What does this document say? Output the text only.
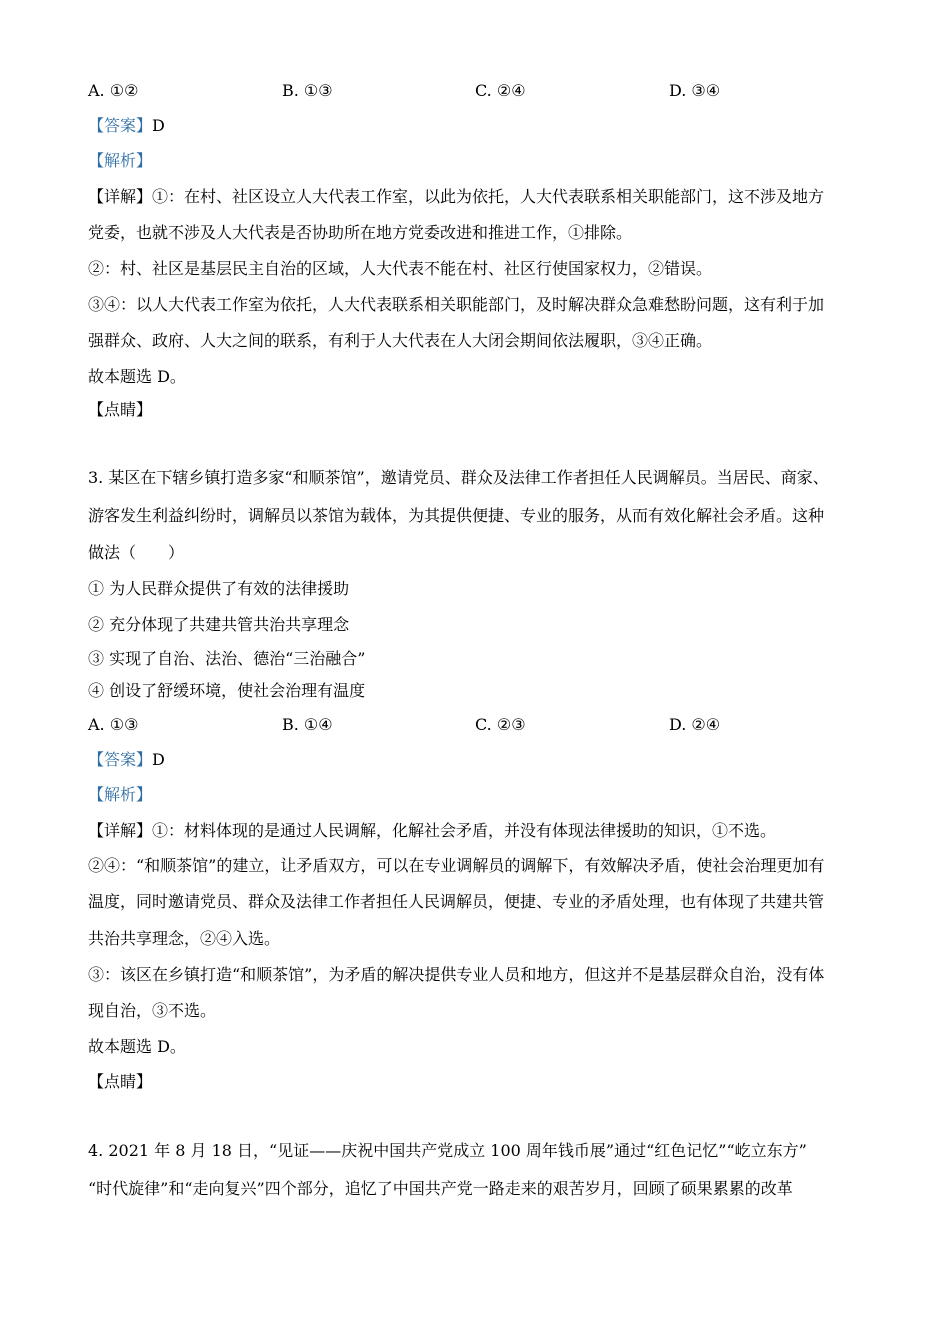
A. ①②	B. ①③	C. ②④	D. ③④
【答案】D
【解析】
【详解】①：在村、社区设立人大代表工作室，以此为依托，人大代表联系相关职能部门，这不涉及地方
党委，也就不涉及人大代表是否协助所在地方党委改进和推进工作，①排除。
②：村、社区是基层民主自治的区域，人大代表不能在村、社区行使国家权力，②错误。
③④：以人大代表工作室为依托，人大代表联系相关职能部门，及时解决群众急难愁盼问题，这有利于加
强群众、政府、人大之间的联系，有利于人大代表在人大闭会期间依法履职，③④正确。
故本题选 D。
【点睛】
3. 某区在下辖乡镇打造多家“和顺茶馆”，邀请党员、群众及法律工作者担任人民调解员。当居民、商家、
游客发生利益纠纷时，调解员以茶馆为载体，为其提供便捷、专业的服务，从而有效化解社会矛盾。这种
做法（　　）
① 为人民群众提供了有效的法律援助
② 充分体现了共建共管共治共享理念
③ 实现了自治、法治、德治“三治融合”
④ 创设了舒缓环境，使社会治理有温度
A. ①③	B. ①④	C. ②③	D. ②④
【答案】D
【解析】
【详解】①：材料体现的是通过人民调解，化解社会矛盾，并没有体现法律援助的知识，①不选。
②④：“和顺茶馆”的建立，让矛盾双方，可以在专业调解员的调解下，有效解决矛盾，使社会治理更加有
温度，同时邀请党员、群众及法律工作者担任人民调解员，便捷、专业的矛盾处理，也有体现了共建共管
共治共享理念，②④入选。
③：该区在乡镇打造“和顺茶馆”，为矛盾的解决提供专业人员和地方，但这并不是基层群众自治，没有体
现自治，③不选。
故本题选 D。
【点睛】
4. 2021 年 8 月 18 日，“见证——庆祝中国共产党成立 100 周年钱币展”通过“红色记忆”“屹立东方”
“时代旋律”和“走向复兴”四个部分，追忆了中国共产党一路走来的艰苦岁月，回顾了硕果累累的改革
